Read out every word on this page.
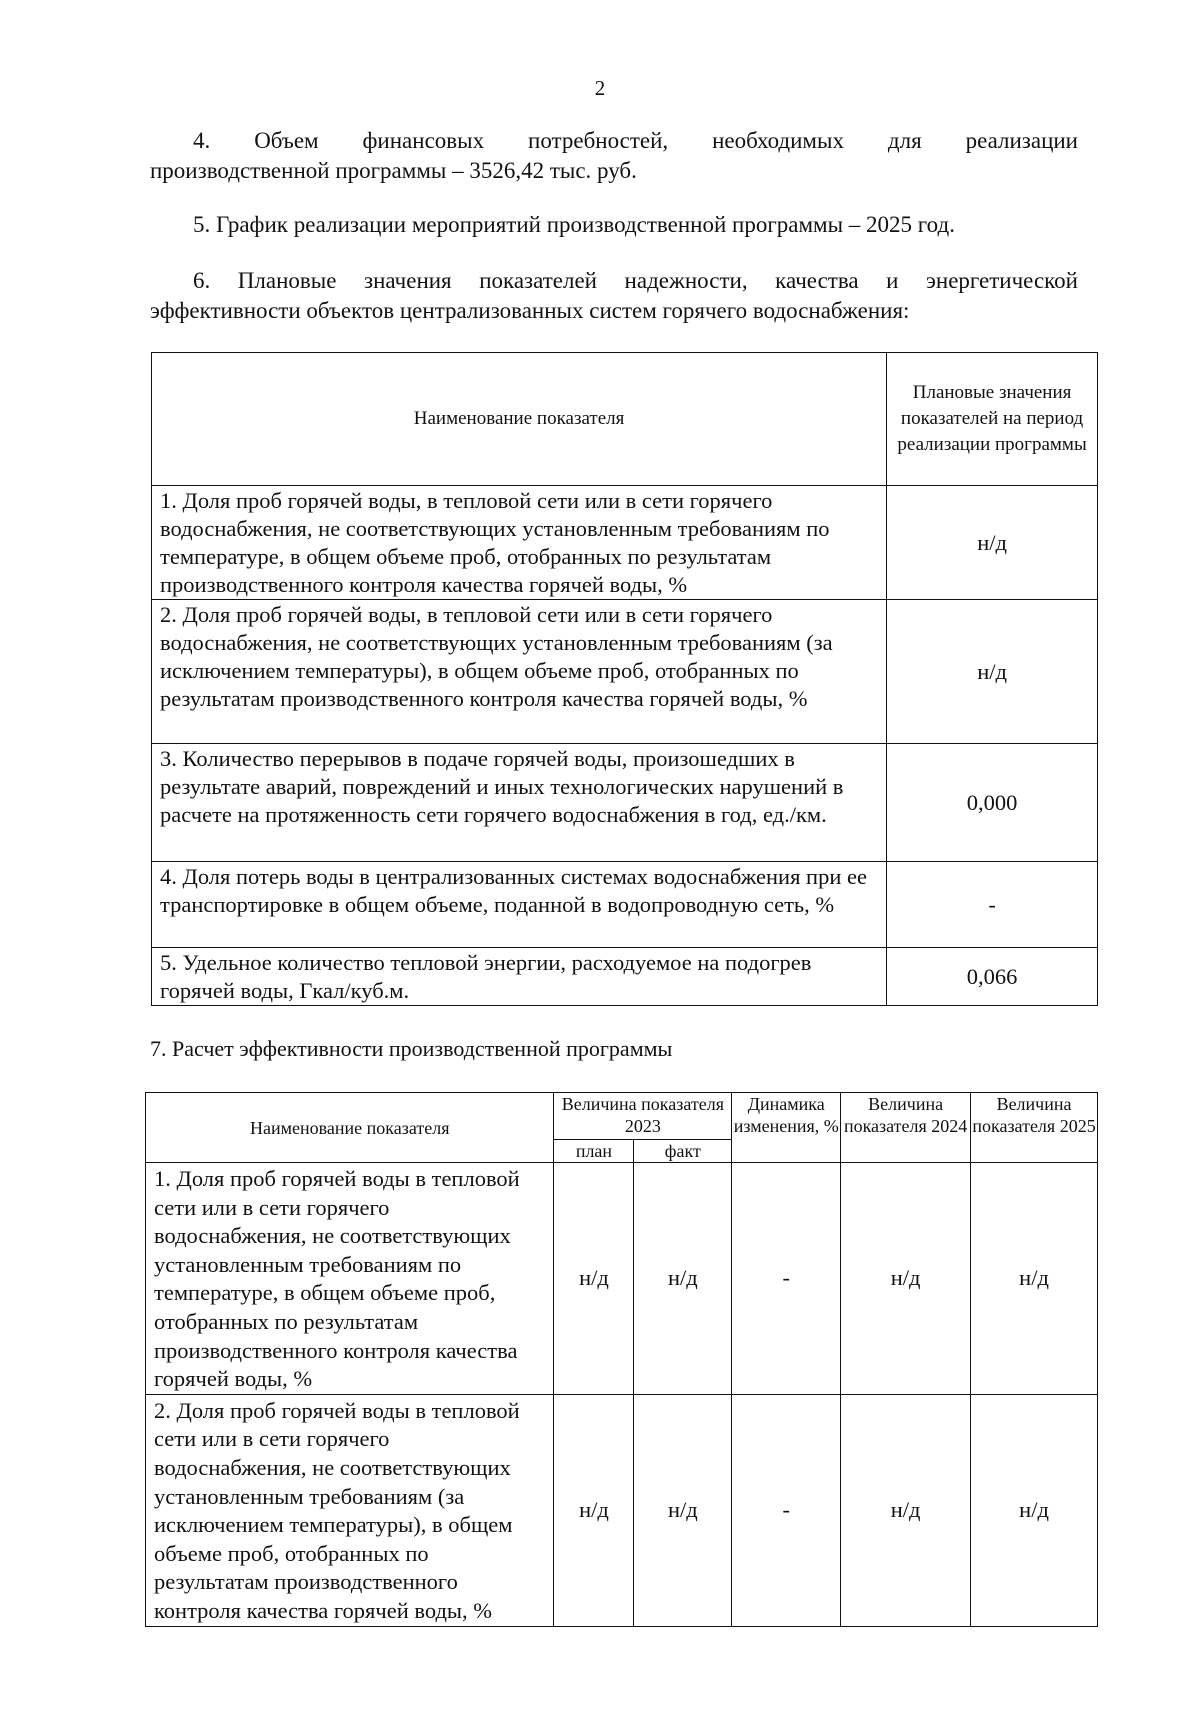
2
4. Объем финансовых потребностей, необходимых для реализации
производственной программы – 3526,42 тыс. руб.
5. График реализации мероприятий производственной программы – 2025 год.
6. Плановые значения показателей надежности, качества и энергетической
эффективности объектов централизованных систем горячего водоснабжения:
Наименование показателя	Плановые значения показателей на период реализации программы
1. Доля проб горячей воды, в тепловой сети или в сети горячего водоснабжения, не соответствующих установленным требованиям по температуре, в общем объеме проб, отобранных по результатам производственного контроля качества горячей воды, %	н/д
2. Доля проб горячей воды, в тепловой сети или в сети горячего водоснабжения, не соответствующих установленным требованиям (за исключением температуры), в общем объеме проб, отобранных по результатам производственного контроля качества горячей воды, %	н/д
3. Количество перерывов в подаче горячей воды, произошедших в результате аварий, повреждений и иных технологических нарушений в расчете на протяженность сети горячего водоснабжения в год, ед./км.	0,000
4. Доля потерь воды в централизованных системах водоснабжения при ее транспортировке в общем объеме, поданной в водопроводную сеть, %	-
5. Удельное количество тепловой энергии, расходуемое на подогрев горячей воды, Гкал/куб.м.	0,066
7. Расчет эффективности производственной программы
Наименование показателя	Величина показателя 2023		Динамика изменения, %	Величина показателя 2024	Величина показателя 2025
	план	факт			
1. Доля проб горячей воды в тепловой сети или в сети горячего водоснабжения, не соответствующих установленным требованиям по температуре, в общем объеме проб, отобранных по результатам производственного контроля качества горячей воды, %	н/д	н/д	-	н/д	н/д
2. Доля проб горячей воды в тепловой сети или в сети горячего водоснабжения, не соответствующих установленным требованиям (за исключением температуры), в общем объеме проб, отобранных по результатам производственного контроля качества горячей воды, %	н/д	н/д	-	н/д	н/д
